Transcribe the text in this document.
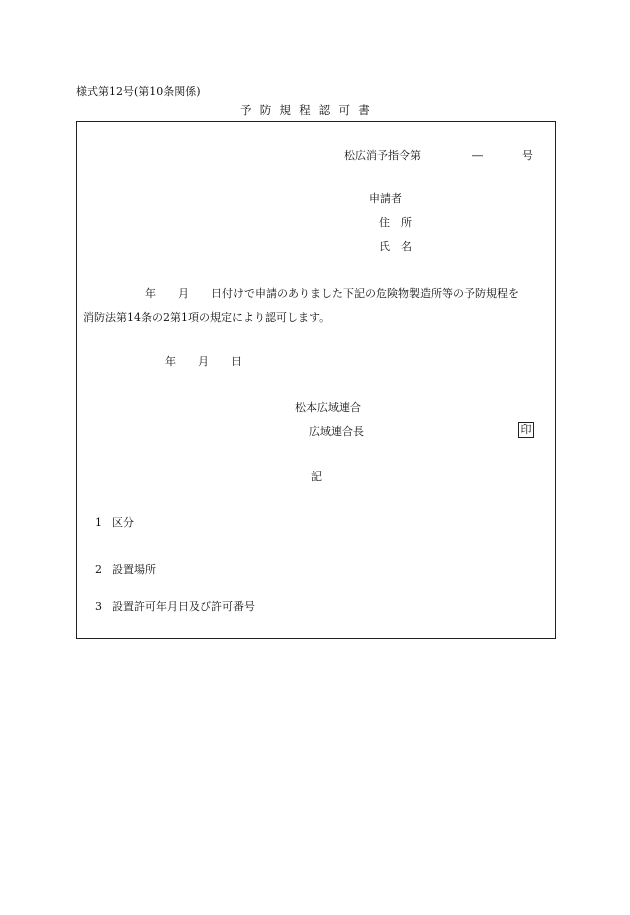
様式第12号(第10条関係)
予防規程認可書
松広消予指令第	―	号
申請者
住所
氏名
年 月 日付けで申請のありました下記の危険物製造所等の予防規程を
消防法第14条の2第1項の規定により認可します。
年 月 日
松本広域連合
広域連合長	印
記
1 区分
2 設置場所
3 設置許可年月日及び許可番号
